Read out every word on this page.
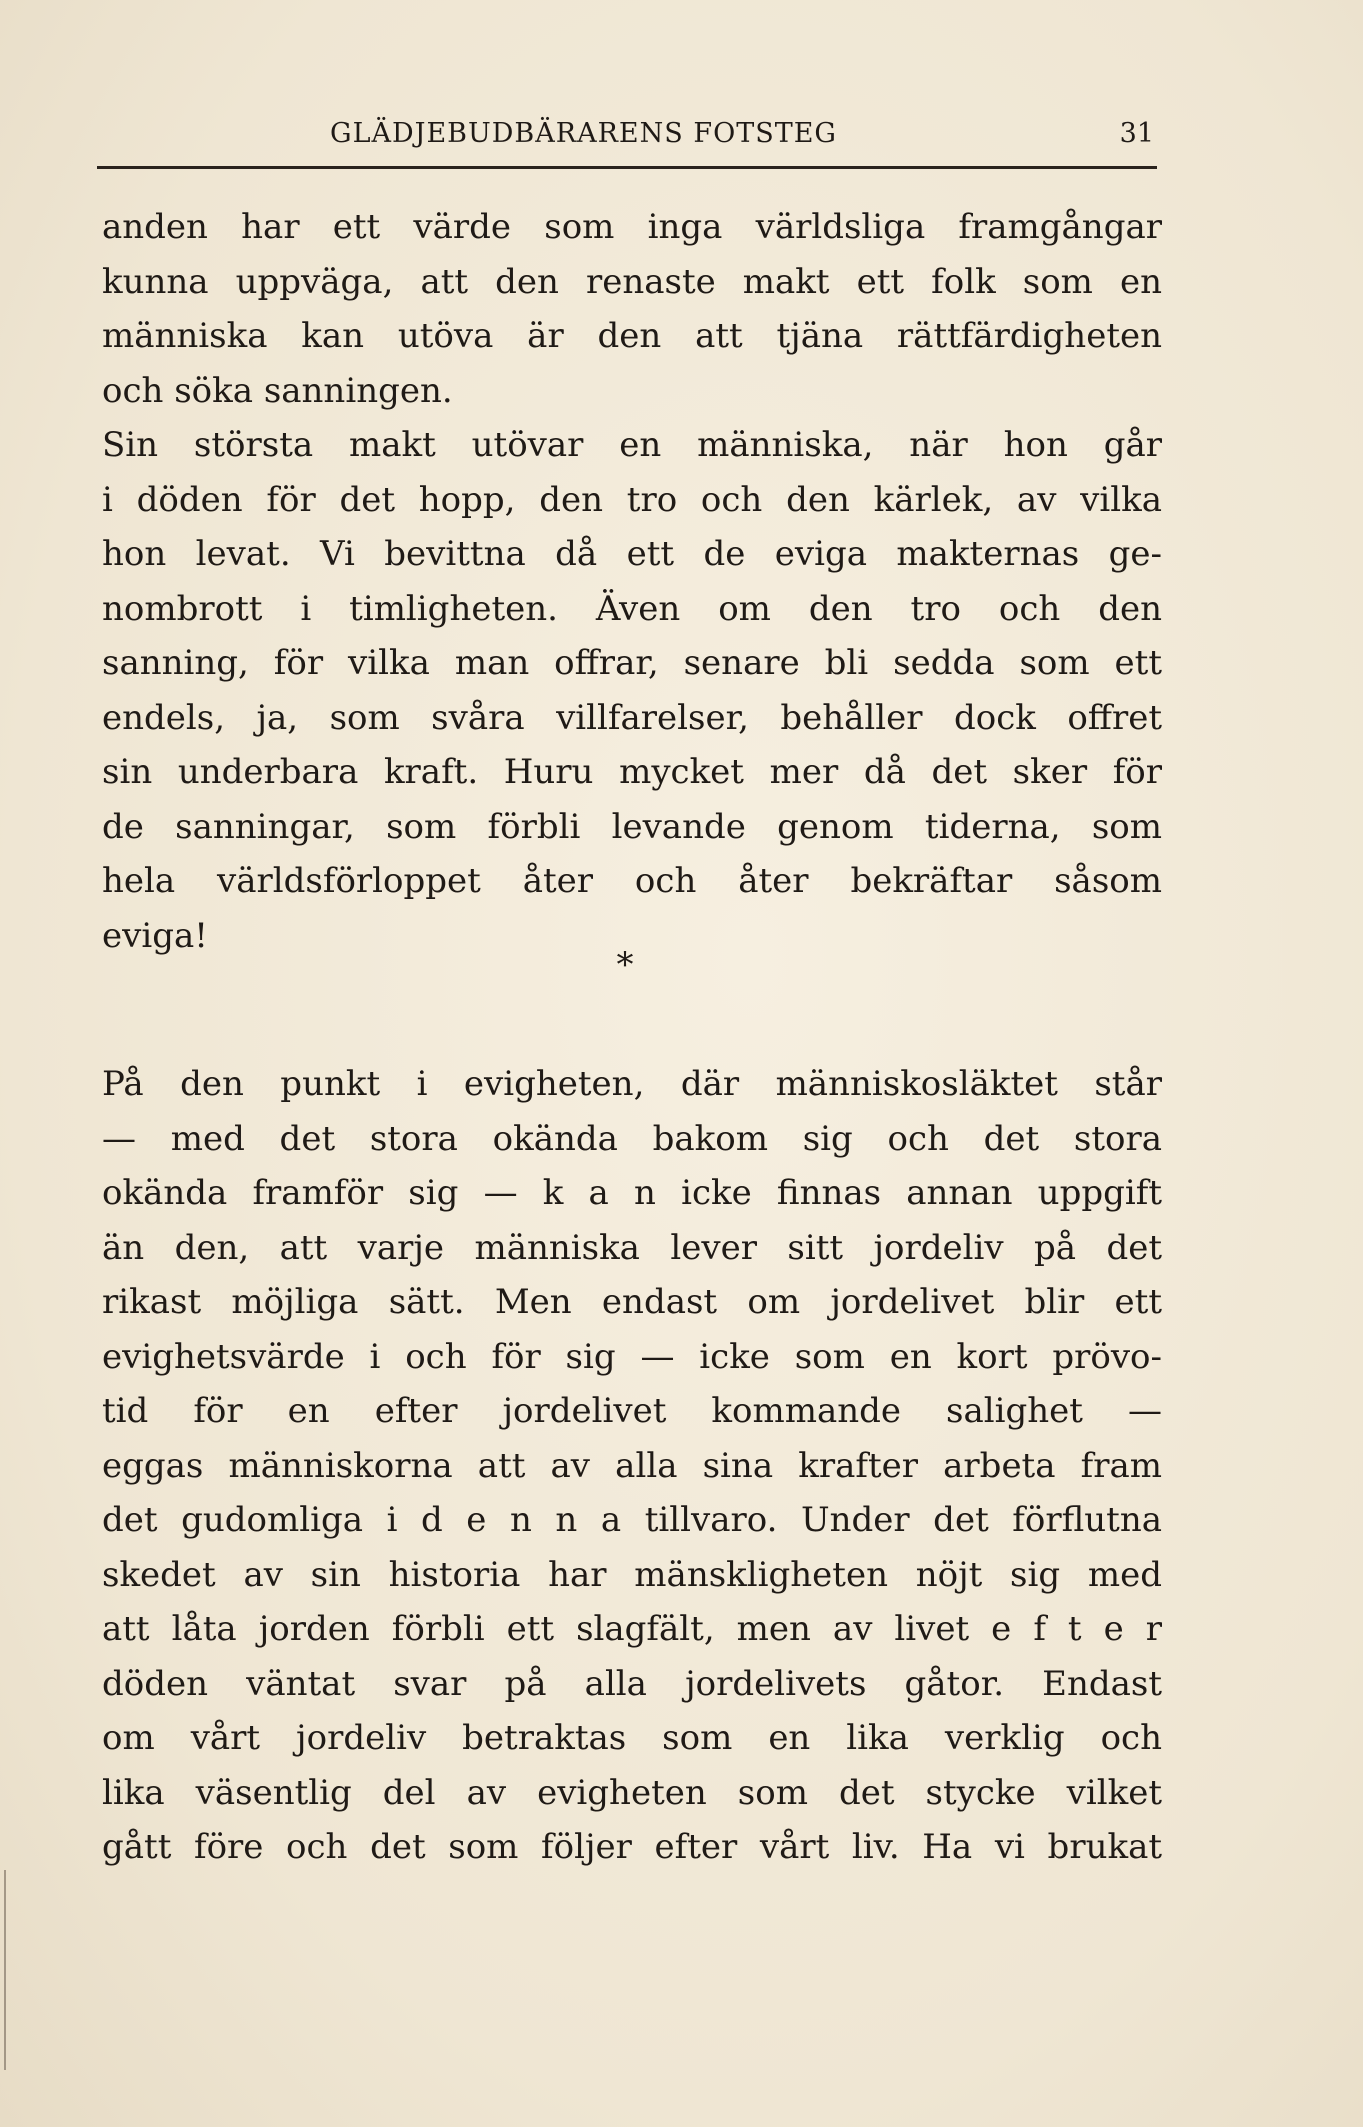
GLÄDJEBUDBÄRARENS FOTSTEG	31
anden har ett värde som inga världsliga framgångar
kunna uppväga, att den renaste makt ett folk som en
människa kan utöva är den att tjäna rättfärdigheten
och söka sanningen.
Sin största makt utövar en människa, när hon går
i döden för det hopp, den tro och den kärlek, av vilka
hon levat. Vi bevittna då ett de eviga makternas ge-
nombrott i timligheten. Även om den tro och den
sanning, för vilka man offrar, senare bli sedda som ett
endels, ja, som svåra villfarelser, behåller dock offret
sin underbara kraft. Huru mycket mer då det sker för
de sanningar, som förbli levande genom tiderna, som
hela världsförloppet åter och åter bekräftar såsom
eviga!
*
På den punkt i evigheten, där människosläktet står
— med det stora okända bakom sig och det stora
okända framför sig — k a n icke finnas annan uppgift
än den, att varje människa lever sitt jordeliv på det
rikast möjliga sätt. Men endast om jordelivet blir ett
evighetsvärde i och för sig — icke som en kort prövo-
tid för en efter jordelivet kommande salighet —
eggas människorna att av alla sina krafter arbeta fram
det gudomliga i d e n n a tillvaro. Under det förflutna
skedet av sin historia har mänskligheten nöjt sig med
att låta jorden förbli ett slagfält, men av livet e f t e r
döden väntat svar på alla jordelivets gåtor. Endast
om vårt jordeliv betraktas som en lika verklig och
lika väsentlig del av evigheten som det stycke vilket
gått före och det som följer efter vårt liv. Ha vi brukat
